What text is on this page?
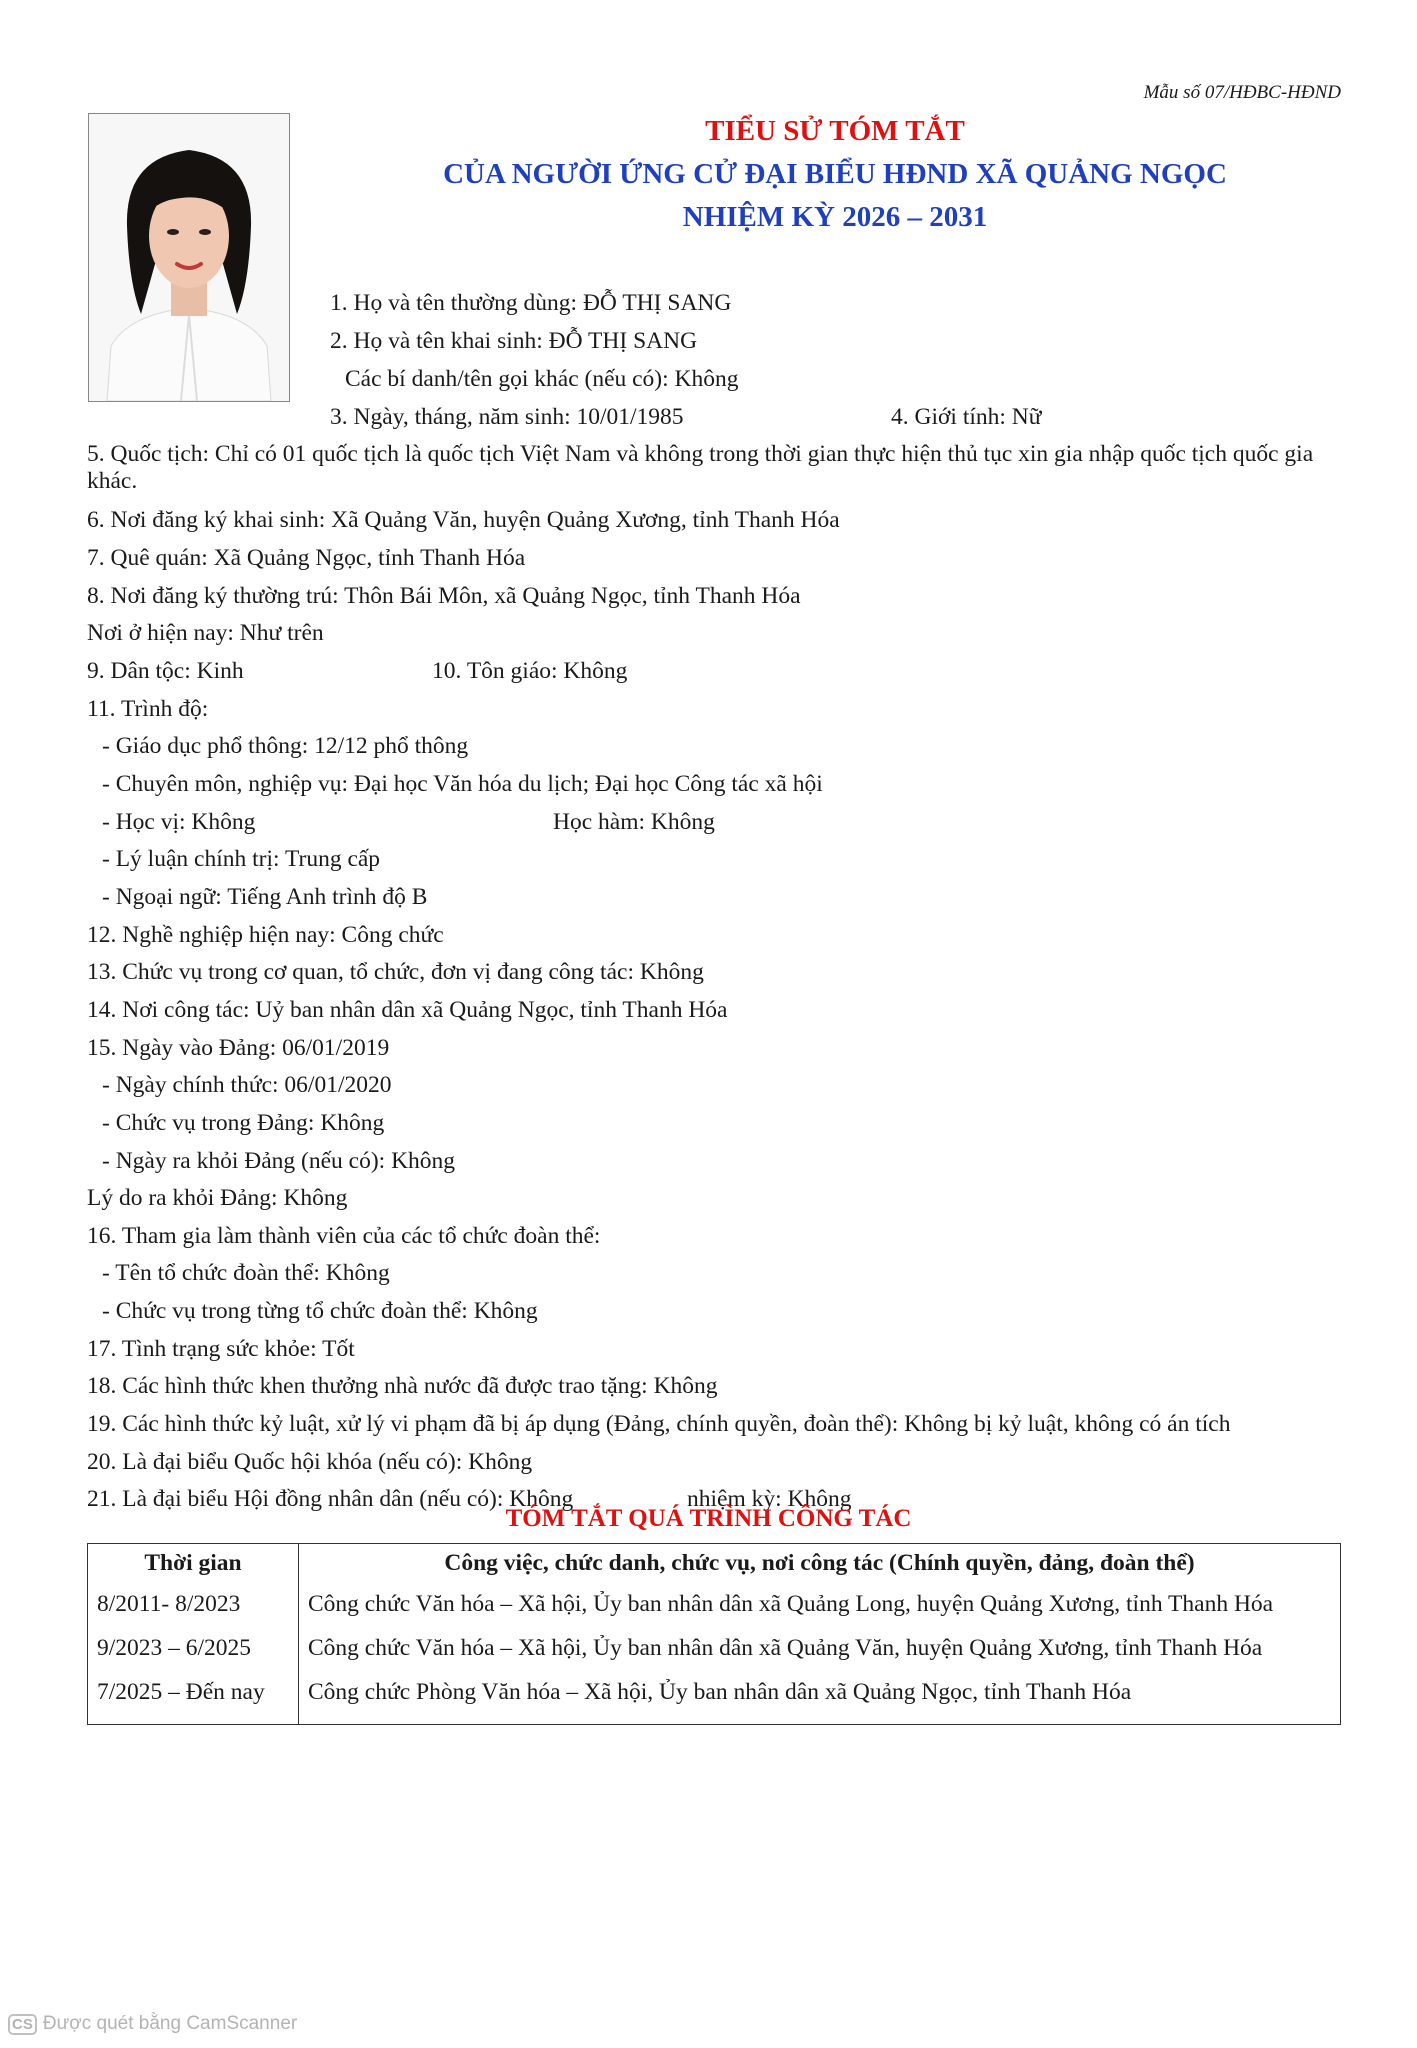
Mẫu số 07/HĐBC-HĐND
TIỂU SỬ TÓM TẮT
CỦA NGƯỜI ỨNG CỬ ĐẠI BIỂU HĐND XÃ QUẢNG NGỌC
NHIỆM KỲ 2026 – 2031
1. Họ và tên thường dùng: ĐỖ THỊ SANG
2. Họ và tên khai sinh: ĐỖ THỊ SANG
Các bí danh/tên gọi khác (nếu có): Không
3. Ngày, tháng, năm sinh: 10/01/1985	4. Giới tính: Nữ
5. Quốc tịch: Chỉ có 01 quốc tịch là quốc tịch Việt Nam và không trong thời gian thực hiện thủ tục xin gia nhập quốc tịch quốc gia
khác.
6. Nơi đăng ký khai sinh: Xã Quảng Văn, huyện Quảng Xương, tỉnh Thanh Hóa
7. Quê quán: Xã Quảng Ngọc, tỉnh Thanh Hóa
8. Nơi đăng ký thường trú: Thôn Bái Môn, xã Quảng Ngọc, tỉnh Thanh Hóa
Nơi ở hiện nay: Như trên
9. Dân tộc: Kinh	10. Tôn giáo: Không
11. Trình độ:
- Giáo dục phổ thông: 12/12 phổ thông
- Chuyên môn, nghiệp vụ: Đại học Văn hóa du lịch; Đại học Công tác xã hội
- Học vị: Không	Học hàm: Không
- Lý luận chính trị: Trung cấp
- Ngoại ngữ: Tiếng Anh trình độ B
12. Nghề nghiệp hiện nay: Công chức
13. Chức vụ trong cơ quan, tổ chức, đơn vị đang công tác: Không
14. Nơi công tác: Uỷ ban nhân dân xã Quảng Ngọc, tỉnh Thanh Hóa
15. Ngày vào Đảng: 06/01/2019
- Ngày chính thức: 06/01/2020
- Chức vụ trong Đảng: Không
- Ngày ra khỏi Đảng (nếu có): Không
Lý do ra khỏi Đảng: Không
16. Tham gia làm thành viên của các tổ chức đoàn thể:
- Tên tổ chức đoàn thể: Không
- Chức vụ trong từng tổ chức đoàn thể: Không
17. Tình trạng sức khỏe: Tốt
18. Các hình thức khen thưởng nhà nước đã được trao tặng: Không
19. Các hình thức kỷ luật, xử lý vi phạm đã bị áp dụng (Đảng, chính quyền, đoàn thể): Không bị kỷ luật, không có án tích
20. Là đại biểu Quốc hội khóa (nếu có): Không
21. Là đại biểu Hội đồng nhân dân (nếu có): Không	nhiệm kỳ: Không
TÓM TẮT QUÁ TRÌNH CÔNG TÁC
Thời gian	Công việc, chức danh, chức vụ, nơi công tác (Chính quyền, đảng, đoàn thể)
8/2011- 8/2023	Công chức Văn hóa – Xã hội, Ủy ban nhân dân xã Quảng Long, huyện Quảng Xương, tỉnh Thanh Hóa
9/2023 – 6/2025	Công chức Văn hóa – Xã hội, Ủy ban nhân dân xã Quảng Văn, huyện Quảng Xương, tỉnh Thanh Hóa
7/2025 – Đến nay	Công chức Phòng Văn hóa – Xã hội, Ủy ban nhân dân xã Quảng Ngọc, tỉnh Thanh Hóa
CS Được quét bằng CamScanner
